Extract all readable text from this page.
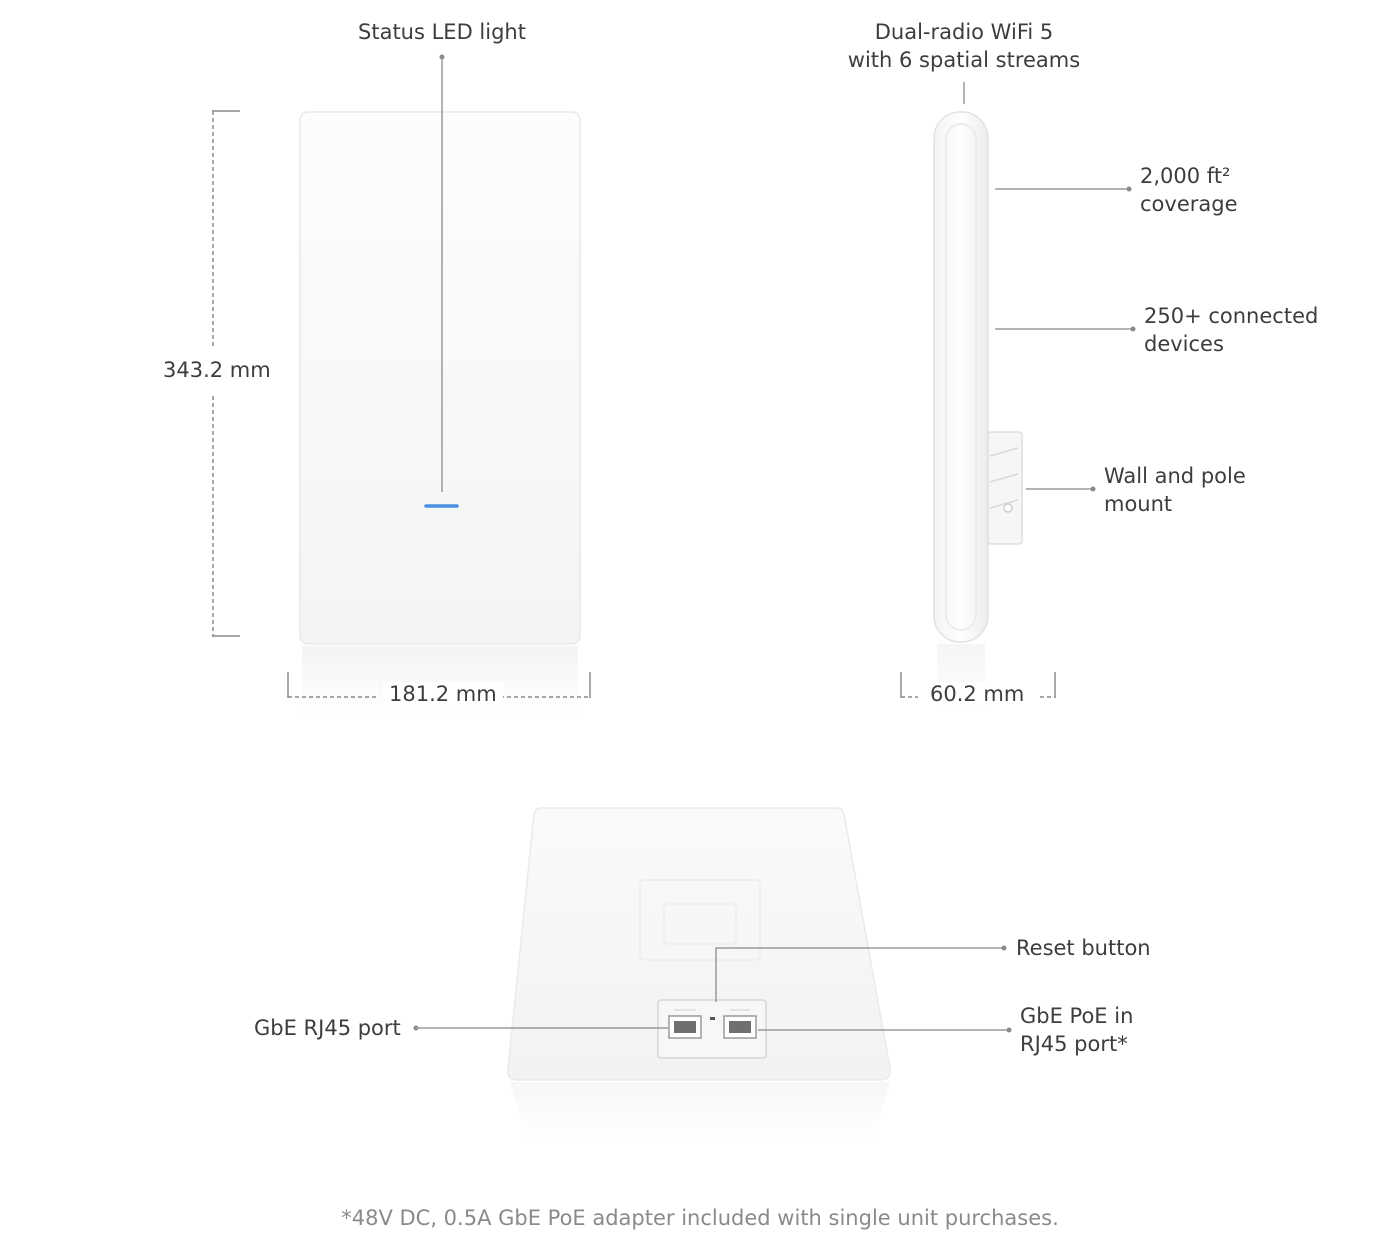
Status LED light	Dual-radio WiFi 5
with 6 spatial streams
2,000 ft²
coverage
250+ connected
devices
Wall and pole
mount
343.2 mm
181.2 mm	60.2 mm
Reset button
GbE RJ45 port	GbE PoE in
RJ45 port*
*48V DC, 0.5A GbE PoE adapter included with single unit purchases.
